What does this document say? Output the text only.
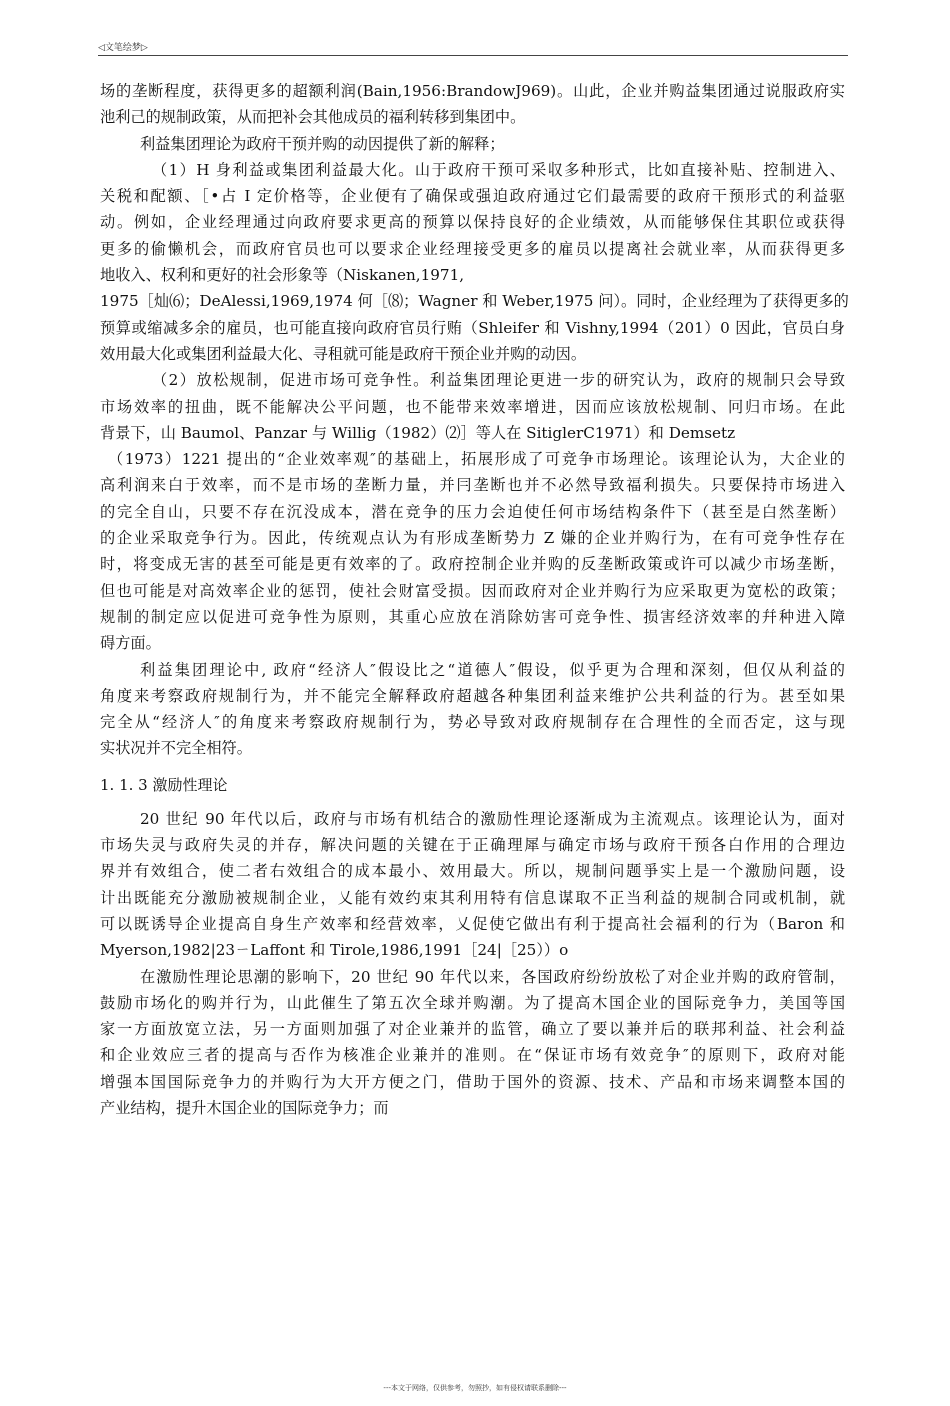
◁文笔绘梦▷
场的垄断程度，获得更多的超额利润(Bain,1956:BrandowJ969)。山此，企业并购益集团通过说服政府实
池利己的规制政策，从而把补会其他成员的福利转移到集团中。
利益集团理论为政府干预并购的动因提供了新的解释；
（1）H 身利益或集团利益最大化。山于政府干预可采収多种形式，比如直接补贴、控制进入、
关税和配额、［•占 I 定价格等，企业便有了确保或强迫政府通过它们最需要的政府干预形式的利益驱
动。例如，企业经理通过向政府要求更高的预算以保持良好的企业绩效，从而能够保住其职位或获得
更多的偷懒机会，而政府官员也可以要求企业经理接受更多的雇员以提离社会就业率，从而获得更多
地收入、权利和更好的社会形象等（Niskanen,1971,
1975［灿⑹；DeAlessi,1969,1974 何［⑻；Wagner 和 Weber,1975 问）。同时，企业经理为了获得更多的
预算或缩减多余的雇员，也可能直接向政府官员行贿（Shleifer 和 Vishny,1994（201）0 因此，官员白身
效用最大化或集团利益最大化、寻租就可能是政府干预企业并购的动因。
（2）放松规制，促进市场可竞争性。利益集团理论更进一步的研究认为，政府的规制只会导致
市场效率的扭曲，既不能解决公平问题，也不能带来效率增进，因而应该放松规制、冋归市场。在此
背景下，山 Baumol、Panzar 与 Willig（1982）⑵］等人在 SitiglerC1971）和 Demsetz
（1973）1221 提出的“企业效率观″的基础上，拓展形成了可竞争市场理论。该理论认为，大企业的
高利润来白于效率，而不是市场的垄断力量，并冃垄断也并不必然导致福利损失。只要保持市场进入
的完全自山，只要不存在沉没成本，潜在竞争的压力会迫使任何市场结构条件下（甚至是白然垄断）
的企业采取竞争行为。因此，传统观点认为有形成垄断势力 Z 嫌的企业并购行为，在有可竞争性存在
时，将变成无害的甚至可能是更有效率的了。政府控制企业并购的反垄断政策或许可以减少市场垄断，
但也可能是对高效率企业的惩罚，使社会财富受损。因而政府对企业并购行为应采取更为宽松的政策；
规制的制定应以促进可竞争性为原则，其重心应放在消除妨害可竞争性、损害经济效率的幷种进入障
碍方面。
利益集团理论中, 政府“经济人″假设比之“道德人″假设，似乎更为合理和深刻，但仅从利益的
角度来考察政府规制行为，并不能完全解释政府超越各种集团利益来维护公共利益的行为。甚至如果
完全从“经济人″的角度来考察政府规制行为，势必导致对政府规制存在合理性的全而否定，这与现
实状况并不完全相符。
1. 1. 3 激励性理论
20 世纪 90 年代以后，政府与市场有机结合的激励性理论逐渐成为主流观点。该理论认为，面对
市场失灵与政府失灵的并存，解决问题的关键在于正确理犀与确定市场与政府干预各白作用的合理边
界并有效组合，使二者右效组合的成本最小、效用最大。所以，规制问题爭实上是一个激励问题，设
计出既能充分激励被规制企业，乂能有效约束其利用特有信息谋取不正当利益的规制合同或机制，就
可以既诱导企业提高自身生产效率和经营效率，乂促使它做出有利于提高社会福利的行为（Baron 和
Myerson,1982|23ㄧLaffont 和 Tirole,1986,1991［24|［25））o
在激励性理论思潮的影响下，20 世纪 90 年代以来，各国政府纷纷放松了对企业并购的政府管制，
鼓励市场化的购并行为，山此催生了第五次全球并购潮。为了提高木国企业的国际竞争力，美国等国
家一方面放宽立法，另一方面则加强了对企业兼并的监管，确立了要以兼并后的联邦利益、社会利益
和企业效应三者的提高与否作为核准企业兼并的准则。在“保证市场有效竞争″的原则下，政府对能
增强本国国际竞争力的并购行为大开方便之门，借助于国外的资源、技术、产品和市场来调整本国的
产业结构，提升木国企业的国际竞争力；而
---本文于网络，仅供参考，勿照抄，如有侵权请联系删除---
